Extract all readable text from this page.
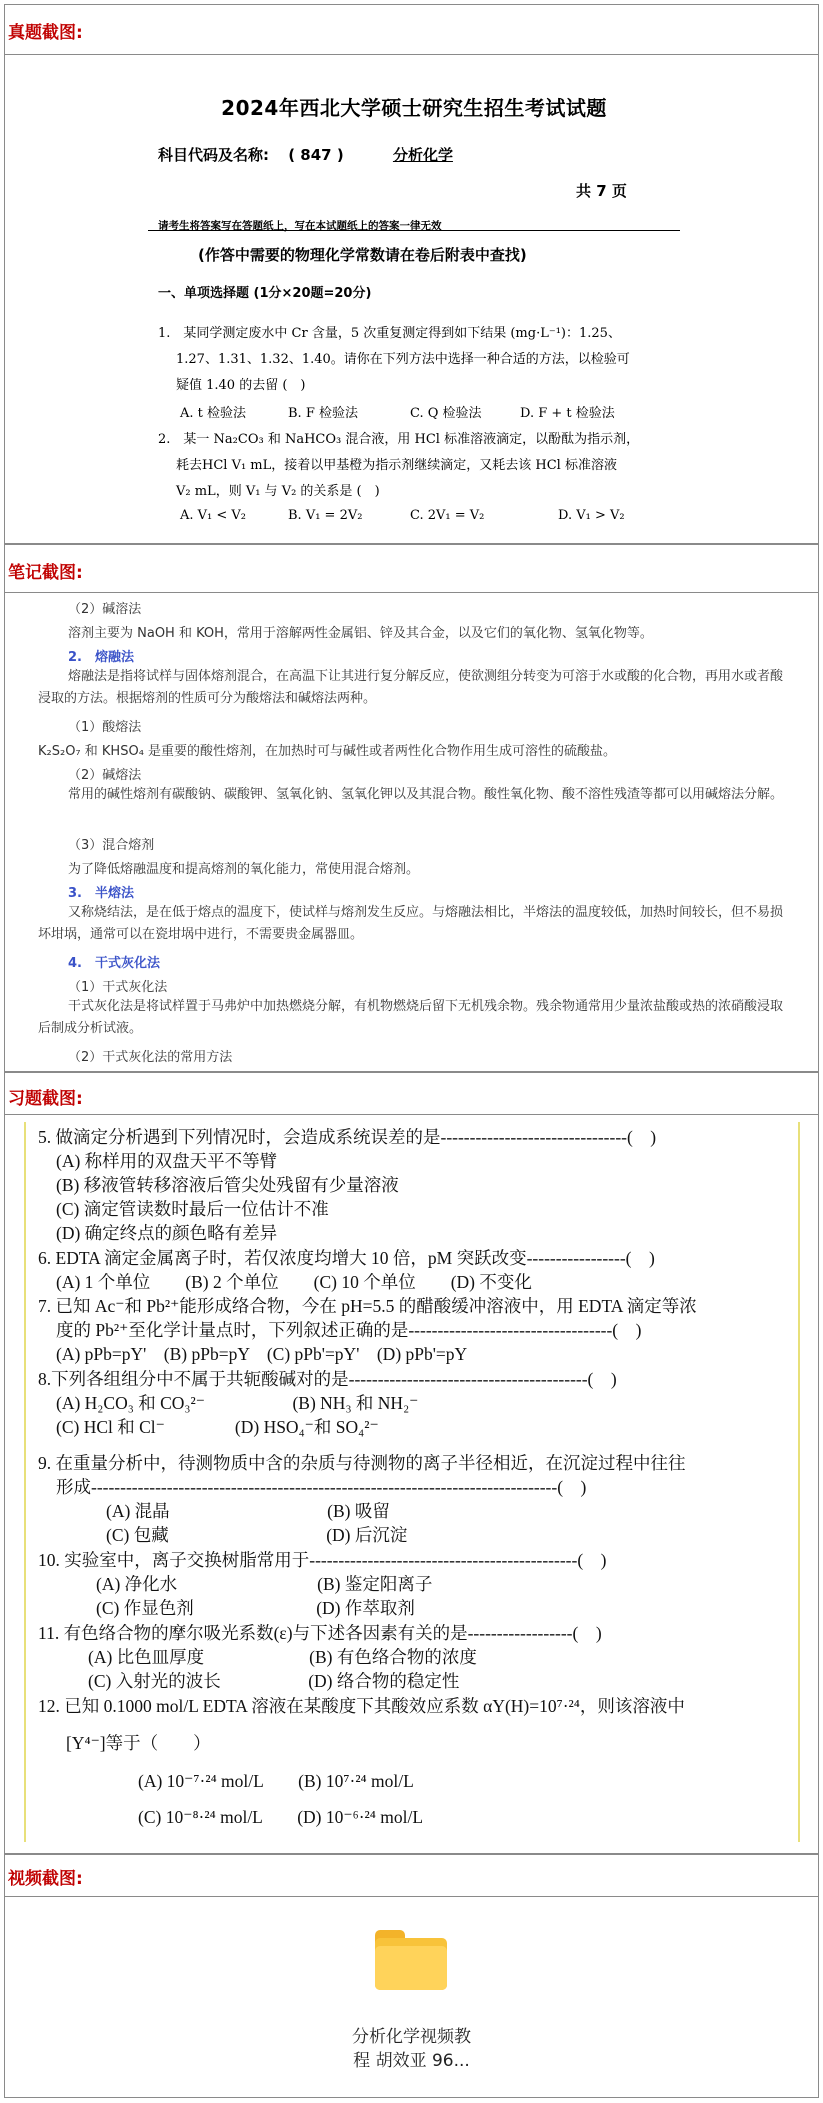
真题截图:
2024年西北大学硕士研究生招生考试试题
科目代码及名称: ( 847 )	分析化学
共 7 页
请考生将答案写在答题纸上，写在本试题纸上的答案一律无效
(作答中需要的物理化学常数请在卷后附表中查找)
一、单项选择题 (1分×20题=20分)
1.　某同学测定废水中 Cr 含量，5 次重复测定得到如下结果 (mg·L⁻¹)：1.25、
1.27、1.31、1.32、1.40。请你在下列方法中选择一种合适的方法，以检验可
疑值 1.40 的去留 (　)
A. t 检验法	B. F 检验法	C. Q 检验法	D. F + t 检验法
2.　某一 Na₂CO₃ 和 NaHCO₃ 混合液，用 HCl 标准溶液滴定，以酚酞为指示剂，
耗去HCl V₁ mL，接着以甲基橙为指示剂继续滴定，又耗去该 HCl 标准溶液
V₂ mL，则 V₁ 与 V₂ 的关系是 (　)
A. V₁ < V₂	B. V₁ = 2V₂	C. 2V₁ = V₂	D. V₁ > V₂
笔记截图:
（2）碱溶法
溶剂主要为 NaOH 和 KOH，常用于溶解两性金属铝、锌及其合金，以及它们的氧化物、氢氧化物等。
2.　熔融法
熔融法是指将试样与固体熔剂混合，在高温下让其进行复分解反应，使欲测组分转变为可溶于水或酸的化合物，再用水或者酸浸取的方法。根据熔剂的性质可分为酸熔法和碱熔法两种。
（1）酸熔法
K₂S₂O₇ 和 KHSO₄ 是重要的酸性熔剂，在加热时可与碱性或者两性化合物作用生成可溶性的硫酸盐。
（2）碱熔法
常用的碱性熔剂有碳酸钠、碳酸钾、氢氧化钠、氢氧化钾以及其混合物。酸性氧化物、酸不溶性残渣等都可以用碱熔法分解。
（3）混合熔剂
为了降低熔融温度和提高熔剂的氧化能力，常使用混合熔剂。
3.　半熔法
又称烧结法，是在低于熔点的温度下，使试样与熔剂发生反应。与熔融法相比，半熔法的温度较低，加热时间较长，但不易损坏坩埚，通常可以在瓷坩埚中进行，不需要贵金属器皿。
4.　干式灰化法
（1）干式灰化法
干式灰化法是将试样置于马弗炉中加热燃烧分解，有机物燃烧后留下无机残余物。残余物通常用少量浓盐酸或热的浓硝酸浸取后制成分析试液。
（2）干式灰化法的常用方法
习题截图:
5. 做滴定分析遇到下列情况时，会造成系统误差的是--------------------------------(　)
(A) 称样用的双盘天平不等臂
(B) 移液管转移溶液后管尖处残留有少量溶液
(C) 滴定管读数时最后一位估计不准
(D) 确定终点的颜色略有差异
6. EDTA 滴定金属离子时，若仅浓度均增大 10 倍，pM 突跃改变-----------------(　)
(A) 1 个单位　　(B) 2 个单位　　(C) 10 个单位　　(D) 不变化
7. 已知 Ac⁻和 Pb²⁺能形成络合物，今在 pH=5.5 的醋酸缓冲溶液中，用 EDTA 滴定等浓
度的 Pb²⁺至化学计量点时，下列叙述正确的是-----------------------------------(　)
(A) pPb=pY'　(B) pPb=pY　(C) pPb'=pY'　(D) pPb'=pY
8.下列各组组分中不属于共轭酸碱对的是-----------------------------------------(　)
(A) H₂CO₃ 和 CO₃²⁻　　　　　(B) NH₃ 和 NH₂⁻
(C) HCl 和 Cl⁻　　　　(D) HSO₄⁻和 SO₄²⁻
9. 在重量分析中，待测物质中含的杂质与待测物的离子半径相近，在沉淀过程中往往
形成--------------------------------------------------------------------------------(　)
(A) 混晶　　　　　　　　　(B) 吸留
(C) 包藏　　　　　　　　　(D) 后沉淀
10. 实验室中，离子交换树脂常用于----------------------------------------------(　)
(A) 净化水　　　　　　　　(B) 鉴定阳离子
(C) 作显色剂　　　　　　　(D) 作萃取剂
11. 有色络合物的摩尔吸光系数(ε)与下述各因素有关的是------------------(　)
(A) 比色皿厚度　　　　　　(B) 有色络合物的浓度
(C) 入射光的波长　　　　　(D) 络合物的稳定性
12. 已知 0.1000 mol/L EDTA 溶液在某酸度下其酸效应系数 αY(H)=10⁷·²⁴，则该溶液中
[Y⁴⁻]等于（　　）
(A) 10⁻⁷·²⁴ mol/L　　(B) 10⁷·²⁴ mol/L
(C) 10⁻⁸·²⁴ mol/L　　(D) 10⁻⁶·²⁴ mol/L
视频截图:
分析化学视频教
程 胡效亚 96...
